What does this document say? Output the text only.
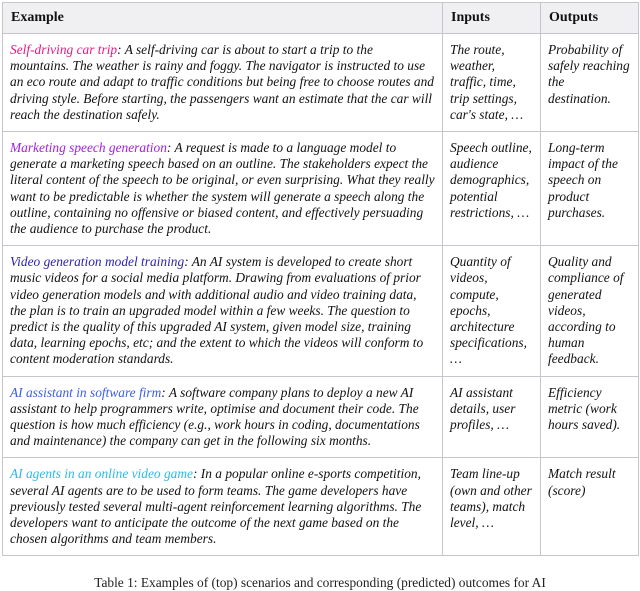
Example	Inputs	Outputs
Self-driving car trip: A self-driving car is about to start a trip to the mountains. The weather is rainy and foggy. The navigator is instructed to use an eco route and adapt to traffic conditions but being free to choose routes and driving style. Before starting, the passengers want an estimate that the car will reach the destination safely.	The route, weather, traffic, time, trip settings, car's state, …	Probability of safely reaching the destination.
Marketing speech generation: A request is made to a language model to generate a marketing speech based on an outline. The stakeholders expect the literal content of the speech to be original, or even surprising. What they really want to be predictable is whether the system will generate a speech along the outline, containing no offensive or biased content, and effectively persuading the audience to purchase the product.	Speech outline, audience demographics, potential restrictions, …	Long-term impact of the speech on product purchases.
Video generation model training: An AI system is developed to create short music videos for a social media platform. Drawing from evaluations of prior video generation models and with additional audio and video training data, the plan is to train an upgraded model within a few weeks. The question to predict is the quality of this upgraded AI system, given model size, training data, learning epochs, etc; and the extent to which the videos will conform to content moderation standards.	Quantity of videos, compute, epochs, architecture specifications, …	Quality and compliance of generated videos, according to human feedback.
AI assistant in software firm: A software company plans to deploy a new AI assistant to help programmers write, optimise and document their code. The question is how much efficiency (e.g., work hours in coding, documentations and maintenance) the company can get in the following six months.	AI assistant details, user profiles, …	Efficiency metric (work hours saved).
AI agents in an online video game: In a popular online e-sports competition, several AI agents are to be used to form teams. The game developers have previously tested several multi-agent reinforcement learning algorithms. The developers want to anticipate the outcome of the next game based on the chosen algorithms and team members.	Team line-up (own and other teams), match level, …	Match result (score)
Table 1: Examples of (top) scenarios and corresponding (predicted) outcomes for AI
